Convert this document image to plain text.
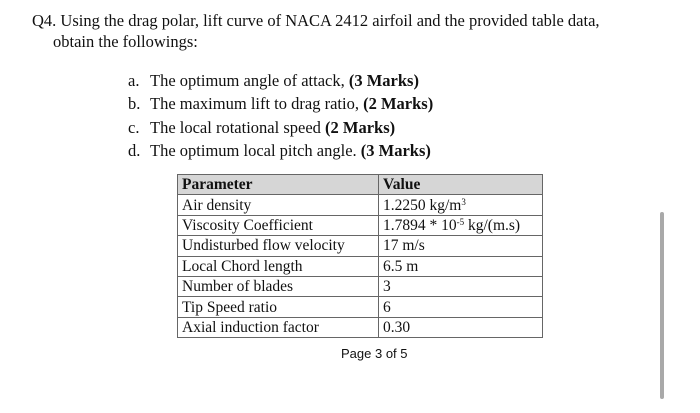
Q4. Using the drag polar, lift curve of NACA 2412 airfoil and the provided table data,
obtain the followings:
a. The optimum angle of attack, (3 Marks)
b. The maximum lift to drag ratio, (2 Marks)
c. The local rotational speed (2 Marks)
d. The optimum local pitch angle. (3 Marks)
Parameter	Value
Air density	1.2250 $kg/m^3$
Viscosity Coefficient	$1.7894 * 10^{-5}$ kg/(m.s)
Undisturbed flow velocity	17 m/s
Local Chord length	6.5 m
Number of blades	3
Tip Speed ratio	6
Axial induction factor	0.30
Page 3 of 5
